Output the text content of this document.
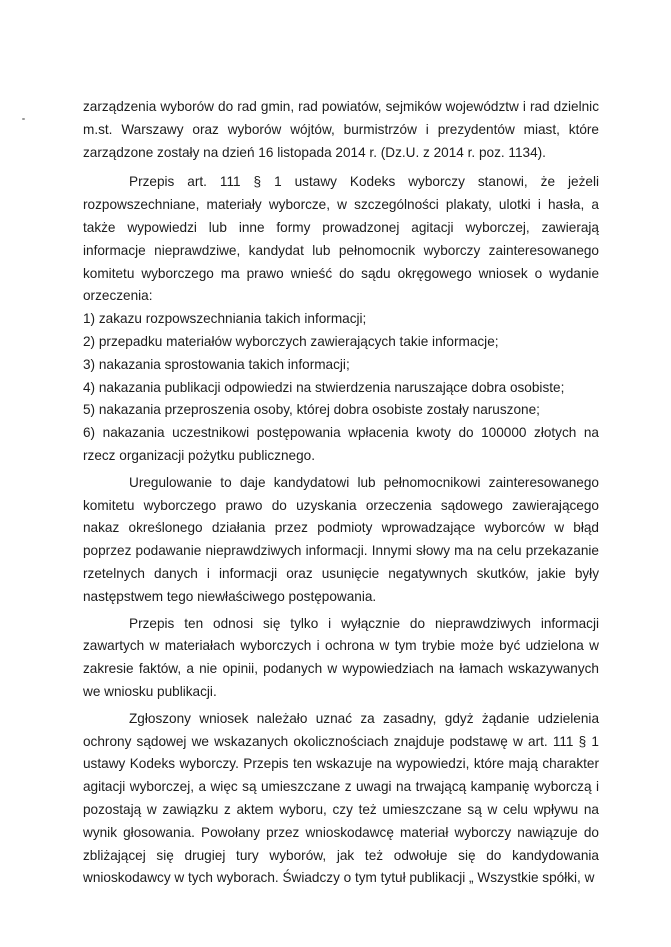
zarządzenia wyborów do rad gmin, rad powiatów, sejmików województw i rad dzielnic m.st. Warszawy oraz wyborów wójtów, burmistrzów i prezydentów miast, które zarządzone zostały na dzień 16 listopada 2014 r. (Dz.U. z 2014 r. poz. 1134).

Przepis art. 111 § 1 ustawy Kodeks wyborczy stanowi, że jeżeli rozpowszechniane, materiały wyborcze, w szczególności plakaty, ulotki i hasła, a także wypowiedzi lub inne formy prowadzonej agitacji wyborczej, zawierają informacje nieprawdziwe, kandydat lub pełnomocnik wyborczy zainteresowanego komitetu wyborczego ma prawo wnieść do sądu okręgowego wniosek o wydanie orzeczenia:

1) zakazu rozpowszechniania takich informacji;

2) przepadku materiałów wyborczych zawierających takie informacje;

3) nakazania sprostowania takich informacji;

4) nakazania publikacji odpowiedzi na stwierdzenia naruszające dobra osobiste;

5) nakazania przeproszenia osoby, której dobra osobiste zostały naruszone;

6) nakazania uczestnikowi postępowania wpłacenia kwoty do 100000 złotych na rzecz organizacji pożytku publicznego.

Uregulowanie to daje kandydatowi lub pełnomocnikowi zainteresowanego komitetu wyborczego prawo do uzyskania orzeczenia sądowego zawierającego nakaz określonego działania przez podmioty wprowadzające wyborców w błąd poprzez podawanie nieprawdziwych informacji. Innymi słowy ma na celu przekazanie rzetelnych danych i informacji oraz usunięcie negatywnych skutków, jakie były następstwem tego niewłaściwego postępowania.

Przepis ten odnosi się tylko i wyłącznie do nieprawdziwych informacji zawartych w materiałach wyborczych i ochrona w tym trybie może być udzielona w zakresie faktów, a nie opinii, podanych w wypowiedziach na łamach wskazywanych we wniosku publikacji.

Zgłoszony wniosek należało uznać za zasadny, gdyż żądanie udzielenia ochrony sądowej we wskazanych okolicznościach znajduje podstawę w art. 111 § 1 ustawy Kodeks wyborczy. Przepis ten wskazuje na wypowiedzi, które mają charakter agitacji wyborczej, a więc są umieszczane z uwagi na trwającą kampanię wyborczą i pozostają w zawiązku z aktem wyboru, czy też umieszczane są w celu wpływu na wynik głosowania. Powołany przez wnioskodawcę materiał wyborczy nawiązuje do zbliżającej się drugiej tury wyborów, jak też odwołuje się do kandydowania wnioskodawcy w tych wyborach. Świadczy o tym tytuł publikacji „ Wszystkie spółki, w
